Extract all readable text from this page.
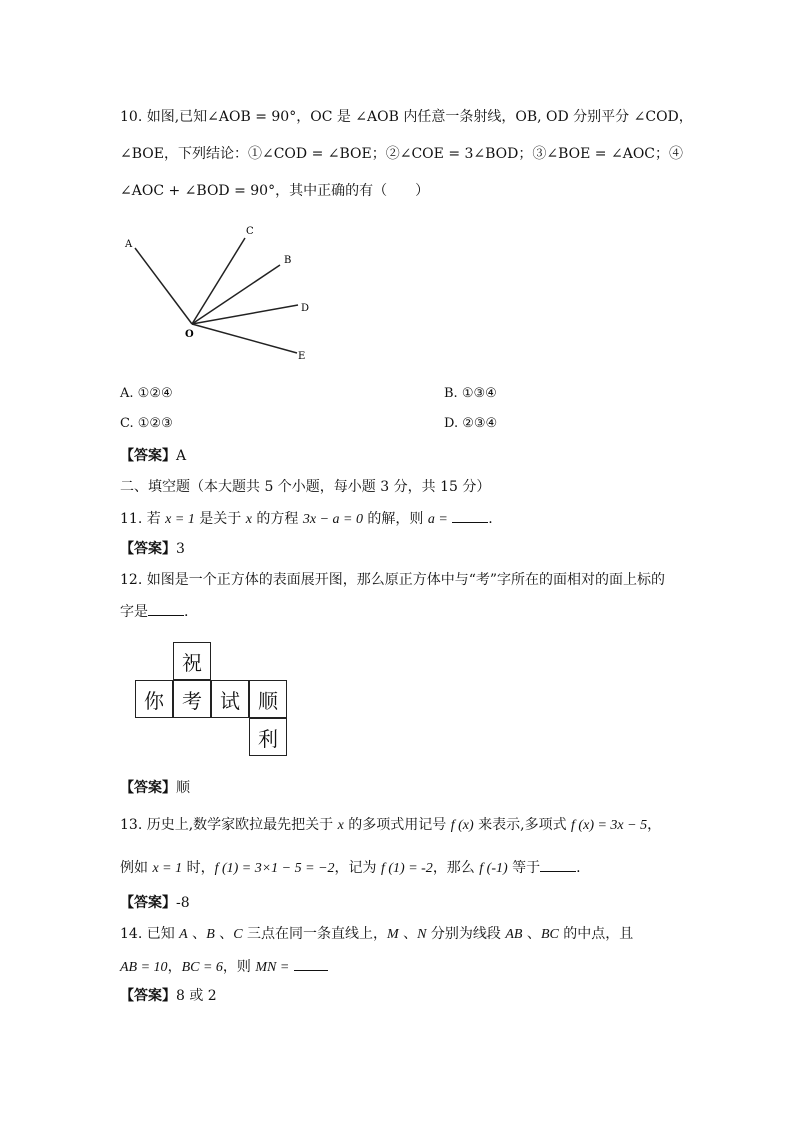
10. 如图,已知∠AOB = 90°，OC 是 ∠AOB 内任意一条射线，OB, OD 分别平分 ∠COD，
∠BOE，下列结论：①∠COD = ∠BOE；②∠COE = 3∠BOD；③∠BOE = ∠AOC；④
∠AOC + ∠BOD = 90°，其中正确的有（　　）
A
C
B
D
E
O
A. ①②④	B. ①③④
C. ①②③	D. ②③④
【答案】A
二、填空题（本大题共 5 个小题，每小题 3 分，共 15 分）
11. 若 x = 1 是关于 x 的方程 3x − a = 0 的解，则 a =	.
【答案】3
12. 如图是一个正方体的表面展开图，那么原正方体中与“考”字所在的面相对的面上标的
字是	.
祝
你 考 试 顺
利
【答案】顺
13. 历史上,数学家欧拉最先把关于 x 的多项式用记号 f (x) 来表示,多项式 f (x) = 3x − 5，
例如 x = 1 时，f (1) = 3×1 − 5 = −2，记为 f (1) = -2，那么 f (-1) 等于	.
【答案】-8
14. 已知 A 、B 、C 三点在同一条直线上，M 、N 分别为线段 AB 、BC 的中点，且
AB = 10，BC = 6，则 MN =
【答案】8 或 2
